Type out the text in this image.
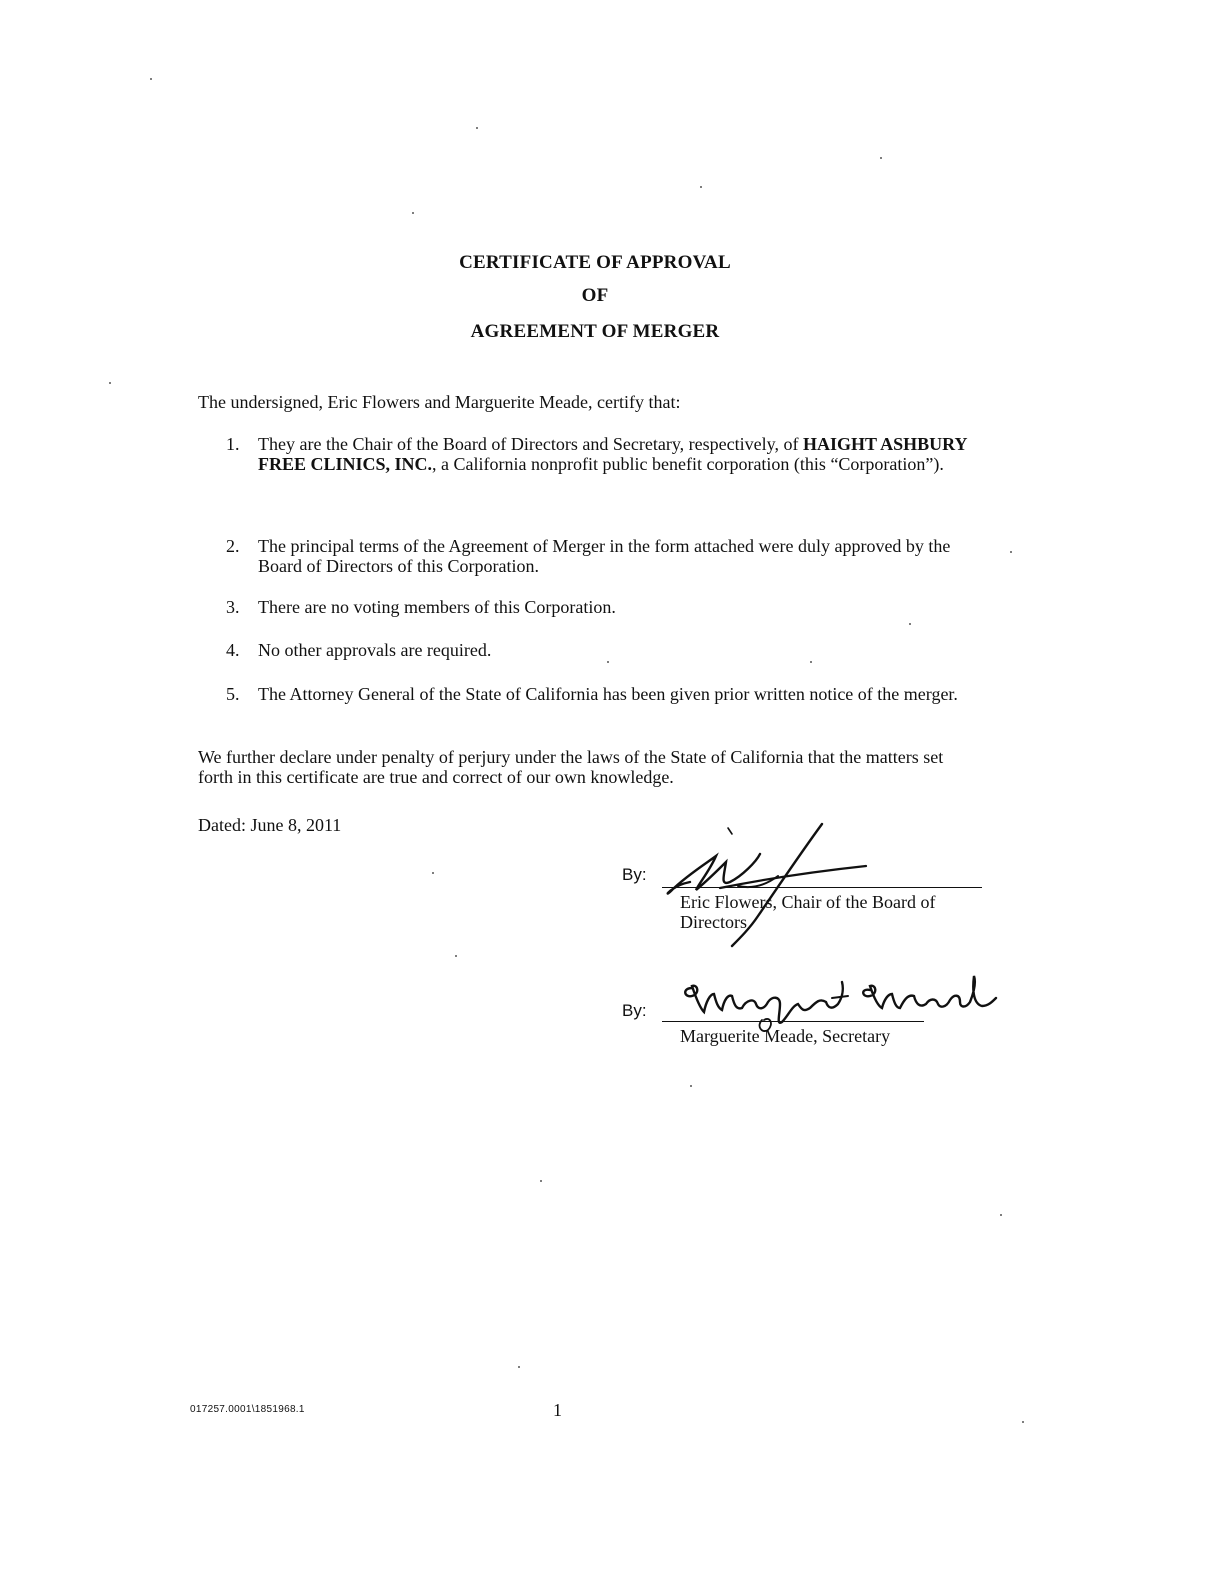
CERTIFICATE OF APPROVAL
OF
AGREEMENT OF MERGER
The undersigned, Eric Flowers and Marguerite Meade, certify that:
1.	They are the Chair of the Board of Directors and Secretary, respectively, of HAIGHT ASHBURY FREE CLINICS, INC., a California nonprofit public benefit corporation (this “Corporation”).
2.	The principal terms of the Agreement of Merger in the form attached were duly approved by the Board of Directors of this Corporation.
3.	There are no voting members of this Corporation.
4.	No other approvals are required.
5.	The Attorney General of the State of California has been given prior written notice of the merger.
We further declare under penalty of perjury under the laws of the State of California that the matters set forth in this certificate are true and correct of our own knowledge.
Dated: June 8, 2011
By:
Eric Flowers, Chair of the Board of
Directors
By:
Marguerite Meade, Secretary
017257.0001\1851968.1	1
